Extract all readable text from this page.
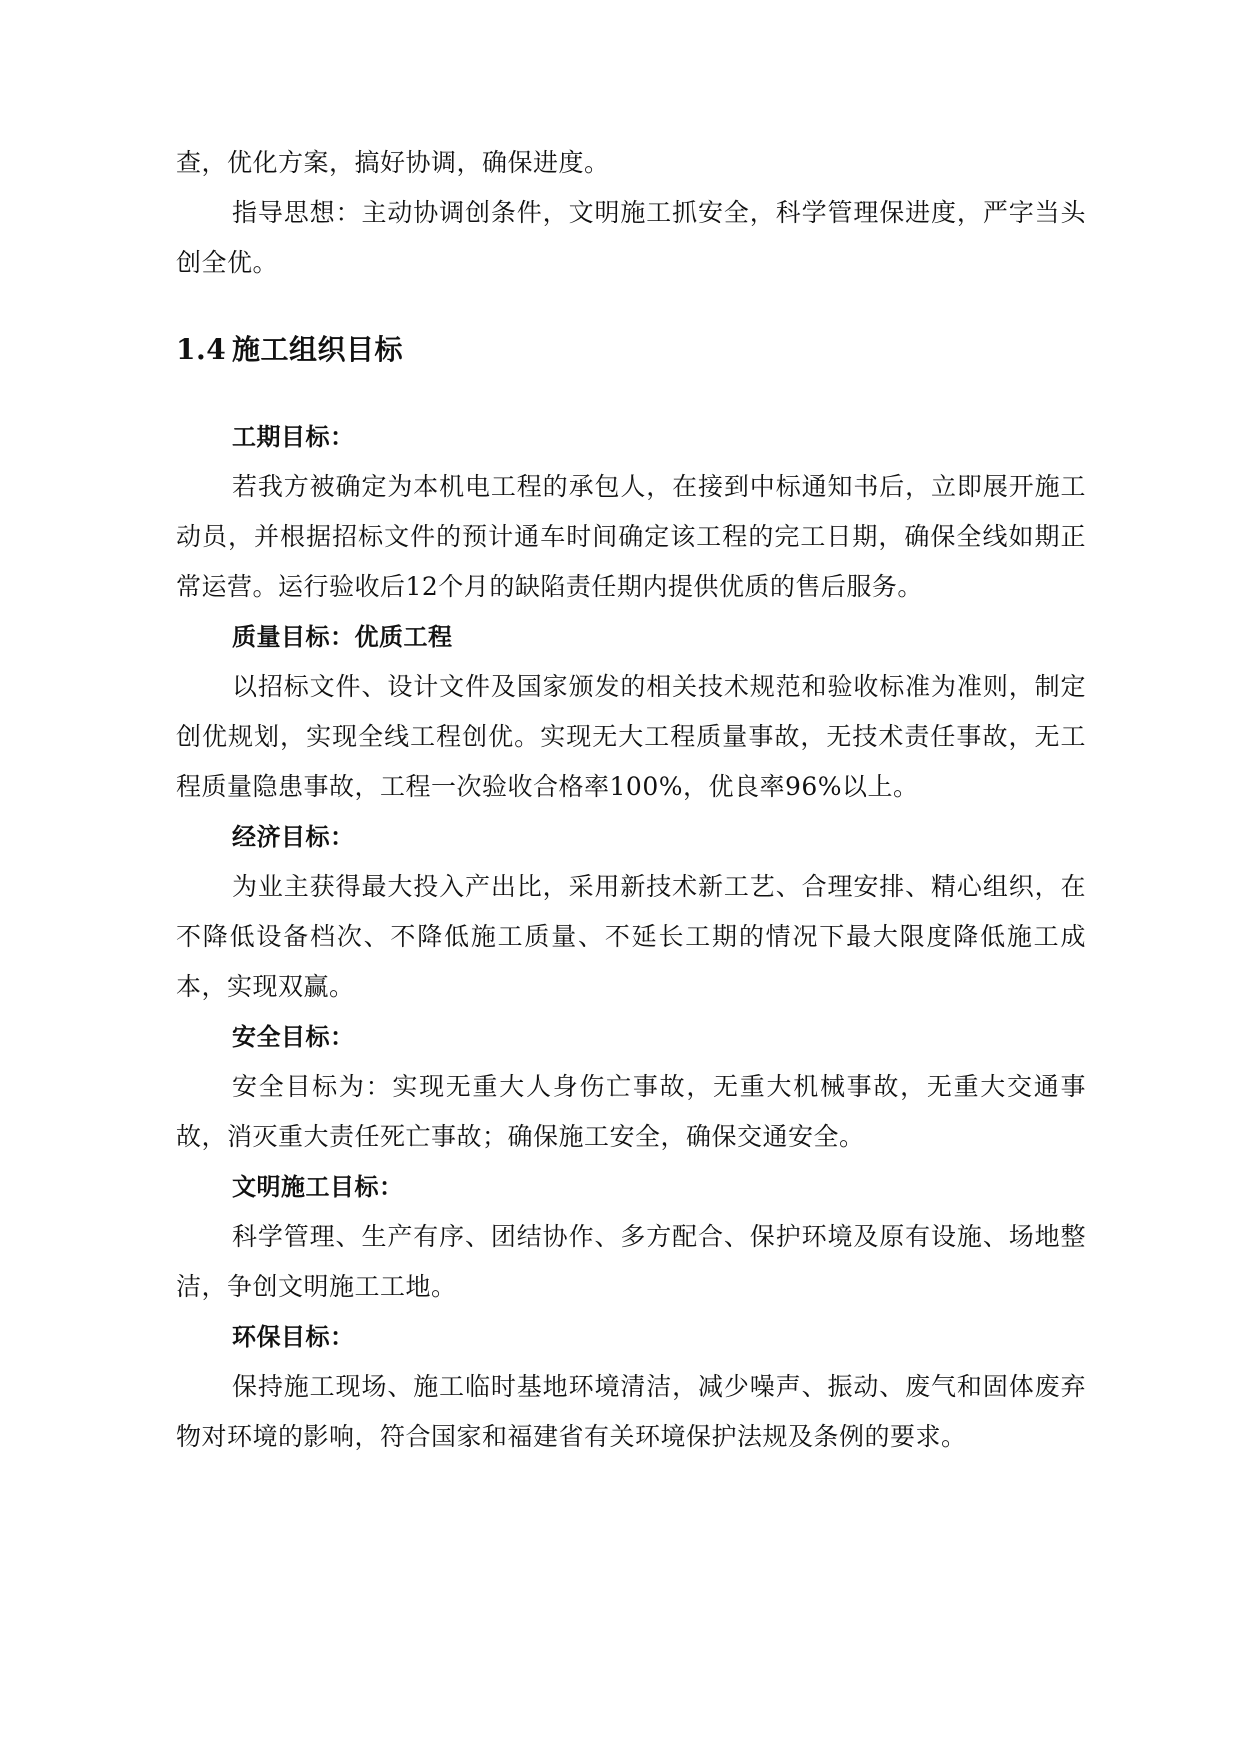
查，优化方案，搞好协调，确保进度。

指导思想：主动协调创条件，文明施工抓安全，科学管理保进度，严字当头创全优。

1.4 施工组织目标

工期目标：

若我方被确定为本机电工程的承包人，在接到中标通知书后，立即展开施工动员，并根据招标文件的预计通车时间确定该工程的完工日期，确保全线如期正常运营。运行验收后12个月的缺陷责任期内提供优质的售后服务。

质量目标：优质工程

以招标文件、设计文件及国家颁发的相关技术规范和验收标准为准则，制定创优规划，实现全线工程创优。实现无大工程质量事故，无技术责任事故，无工程质量隐患事故，工程一次验收合格率100%，优良率96%以上。

经济目标：

为业主获得最大投入产出比，采用新技术新工艺、合理安排、精心组织，在不降低设备档次、不降低施工质量、不延长工期的情况下最大限度降低施工成本，实现双赢。

安全目标：

安全目标为：实现无重大人身伤亡事故，无重大机械事故，无重大交通事故，消灭重大责任死亡事故；确保施工安全，确保交通安全。

文明施工目标：

科学管理、生产有序、团结协作、多方配合、保护环境及原有设施、场地整洁，争创文明施工工地。

环保目标：

保持施工现场、施工临时基地环境清洁，减少噪声、振动、废气和固体废弃物对环境的影响，符合国家和福建省有关环境保护法规及条例的要求。
